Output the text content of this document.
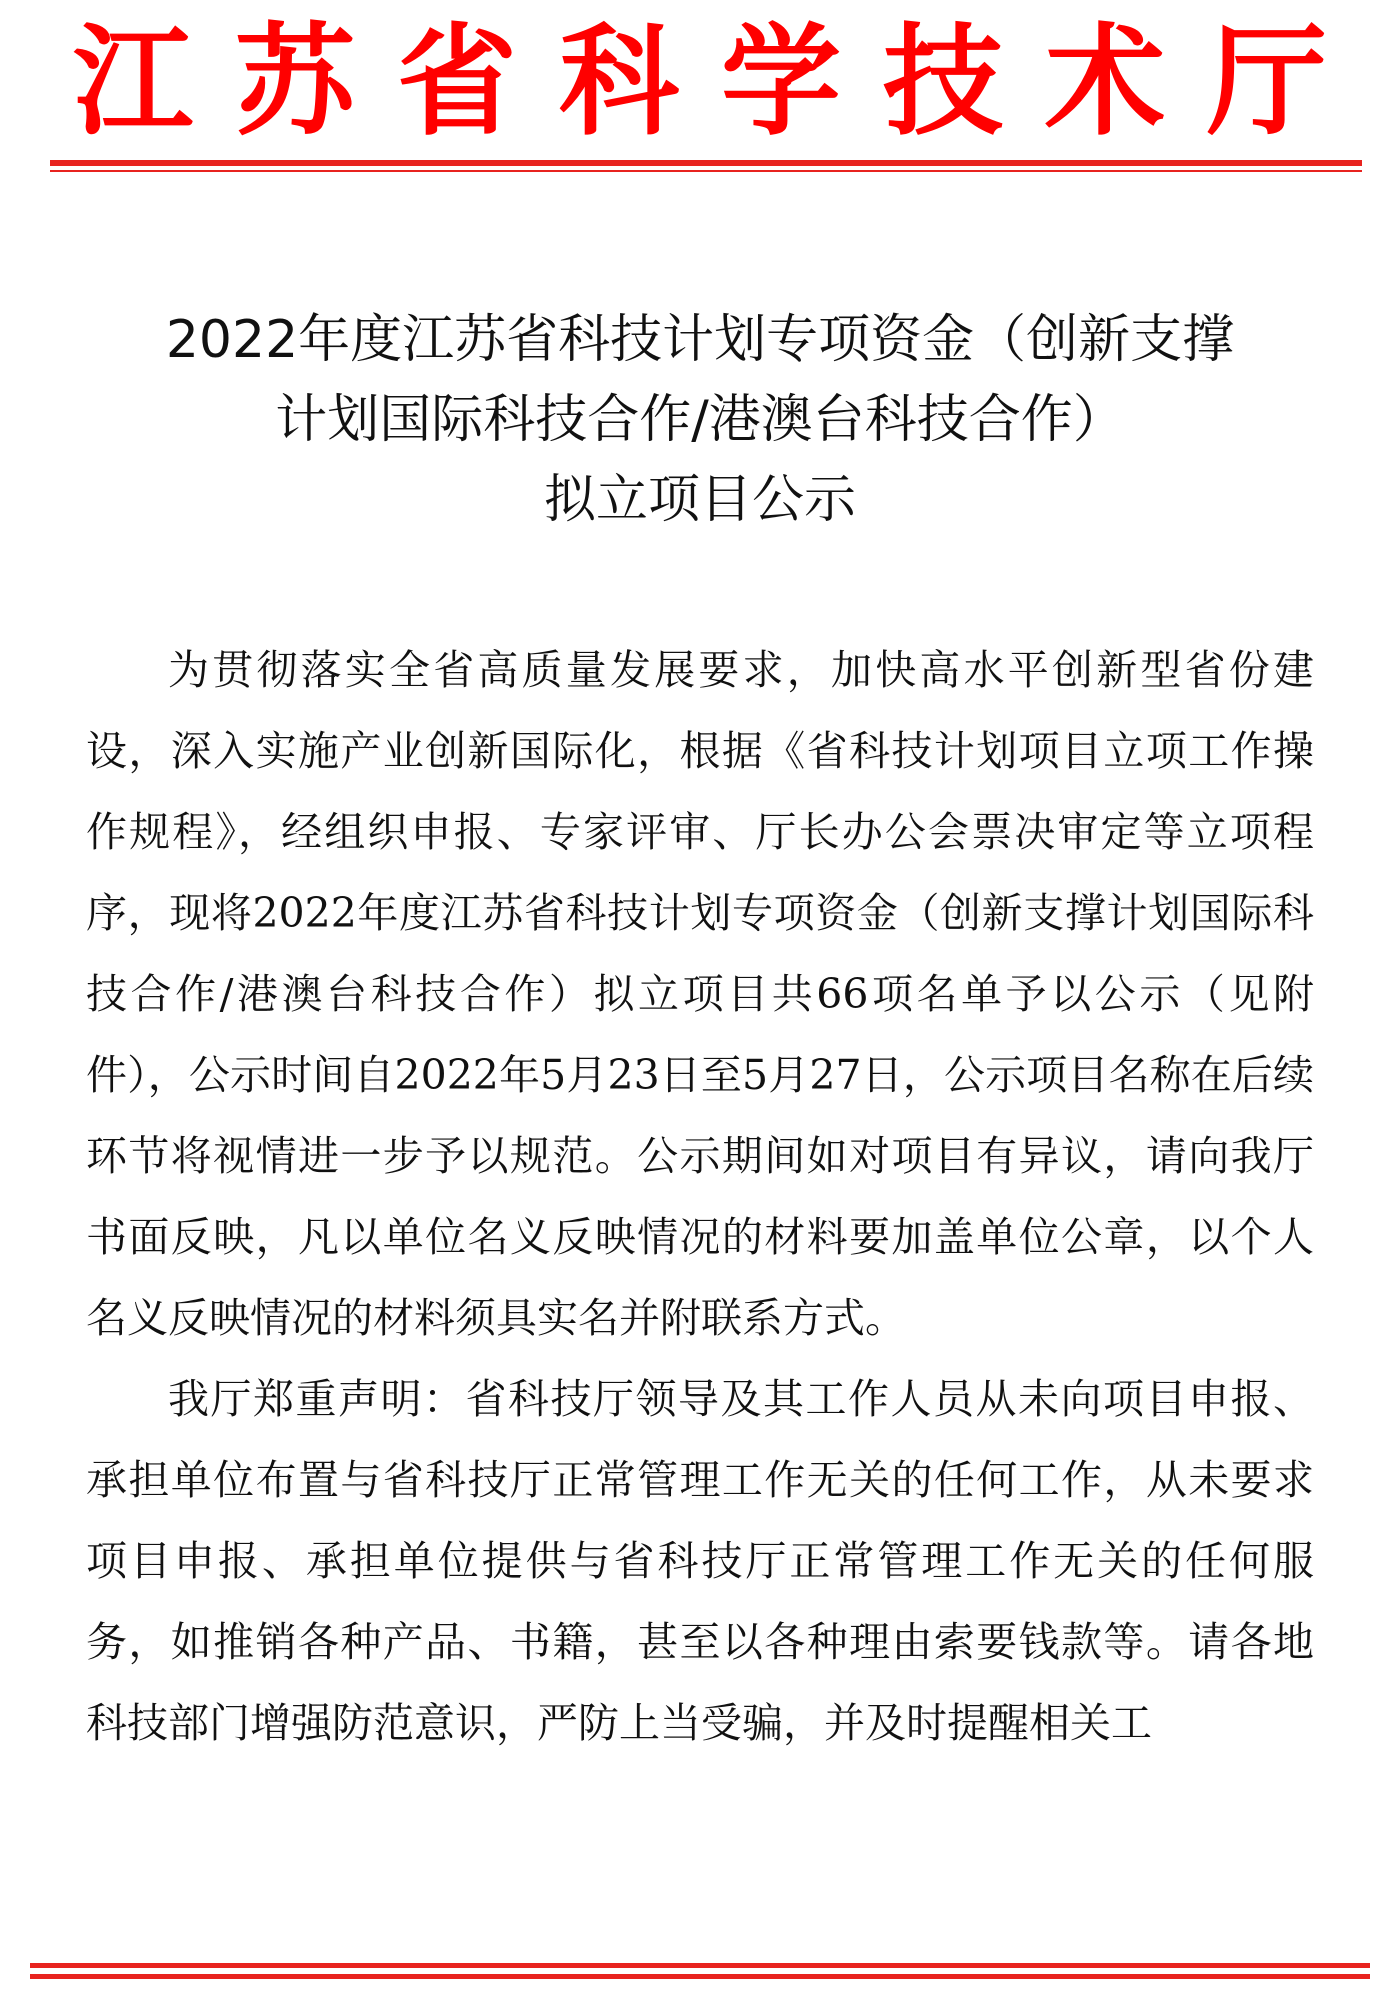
江苏省科学技术厅
2022年度江苏省科技计划专项资金（创新支撑
计划国际科技合作/港澳台科技合作）
拟立项目公示

为贯彻落实全省高质量发展要求，加快高水平创新型省份建设，深入实施产业创新国际化，根据《省科技计划项目立项工作操作规程》，经组织申报、专家评审、厅长办公会票决审定等立项程序，现将2022年度江苏省科技计划专项资金（创新支撑计划国际科技合作/港澳台科技合作）拟立项目共66项名单予以公示（见附件），公示时间自2022年5月23日至5月27日，公示项目名称在后续环节将视情进一步予以规范。公示期间如对项目有异议，请向我厅书面反映，凡以单位名义反映情况的材料要加盖单位公章，以个人名义反映情况的材料须具实名并附联系方式。

我厅郑重声明：省科技厅领导及其工作人员从未向项目申报、承担单位布置与省科技厅正常管理工作无关的任何工作，从未要求项目申报、承担单位提供与省科技厅正常管理工作无关的任何服务，如推销各种产品、书籍，甚至以各种理由索要钱款等。请各地科技部门增强防范意识，严防上当受骗，并及时提醒相关工
